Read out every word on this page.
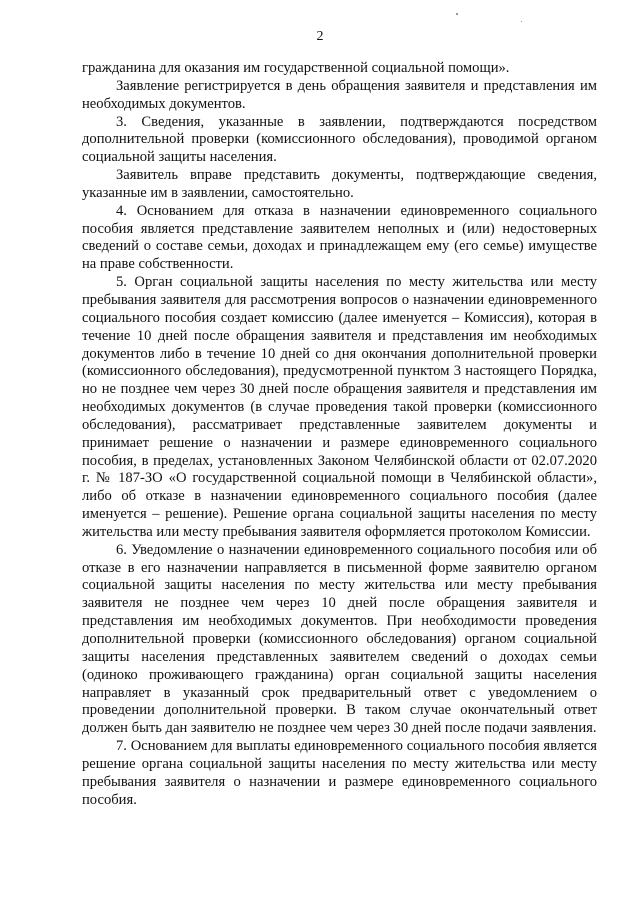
2

гражданина для оказания им государственной социальной помощи».

Заявление регистрируется в день обращения заявителя и представления им необходимых документов.

3. Сведения, указанные в заявлении, подтверждаются посредством дополнительной проверки (комиссионного обследования), проводимой органом социальной защиты населения.

Заявитель вправе представить документы, подтверждающие сведения, указанные им в заявлении, самостоятельно.

4. Основанием для отказа в назначении единовременного социального пособия является представление заявителем неполных и (или) недостоверных сведений о составе семьи, доходах и принадлежащем ему (его семье) имуществе на праве собственности.

5. Орган социальной защиты населения по месту жительства или месту пребывания заявителя для рассмотрения вопросов о назначении единовременного социального пособия создает комиссию (далее именуется – Комиссия), которая в течение 10 дней после обращения заявителя и представления им необходимых документов либо в течение 10 дней со дня окончания дополнительной проверки (комиссионного обследования), предусмотренной пунктом 3 настоящего Порядка, но не позднее чем через 30 дней после обращения заявителя и представления им необходимых документов (в случае проведения такой проверки (комиссионного обследования), рассматривает представленные заявителем документы и принимает решение о назначении и размере единовременного социального пособия, в пределах, установленных Законом Челябинской области от 02.07.2020 г. № 187-ЗО «О государственной социальной помощи в Челябинской области», либо об отказе в назначении единовременного социального пособия (далее именуется – решение). Решение органа социальной защиты населения по месту жительства или месту пребывания заявителя оформляется протоколом Комиссии.

6. Уведомление о назначении единовременного социального пособия или об отказе в его назначении направляется в письменной форме заявителю органом социальной защиты населения по месту жительства или месту пребывания заявителя не позднее чем через 10 дней после обращения заявителя и представления им необходимых документов. При необходимости проведения дополнительной проверки (комиссионного обследования) органом социальной защиты населения представленных заявителем сведений о доходах семьи (одиноко проживающего гражданина) орган социальной защиты населения направляет в указанный срок предварительный ответ с уведомлением о проведении дополнительной проверки. В таком случае окончательный ответ должен быть дан заявителю не позднее чем через 30 дней после подачи заявления.

7. Основанием для выплаты единовременного социального пособия является решение органа социальной защиты населения по месту жительства или месту пребывания заявителя о назначении и размере единовременного социального пособия.
